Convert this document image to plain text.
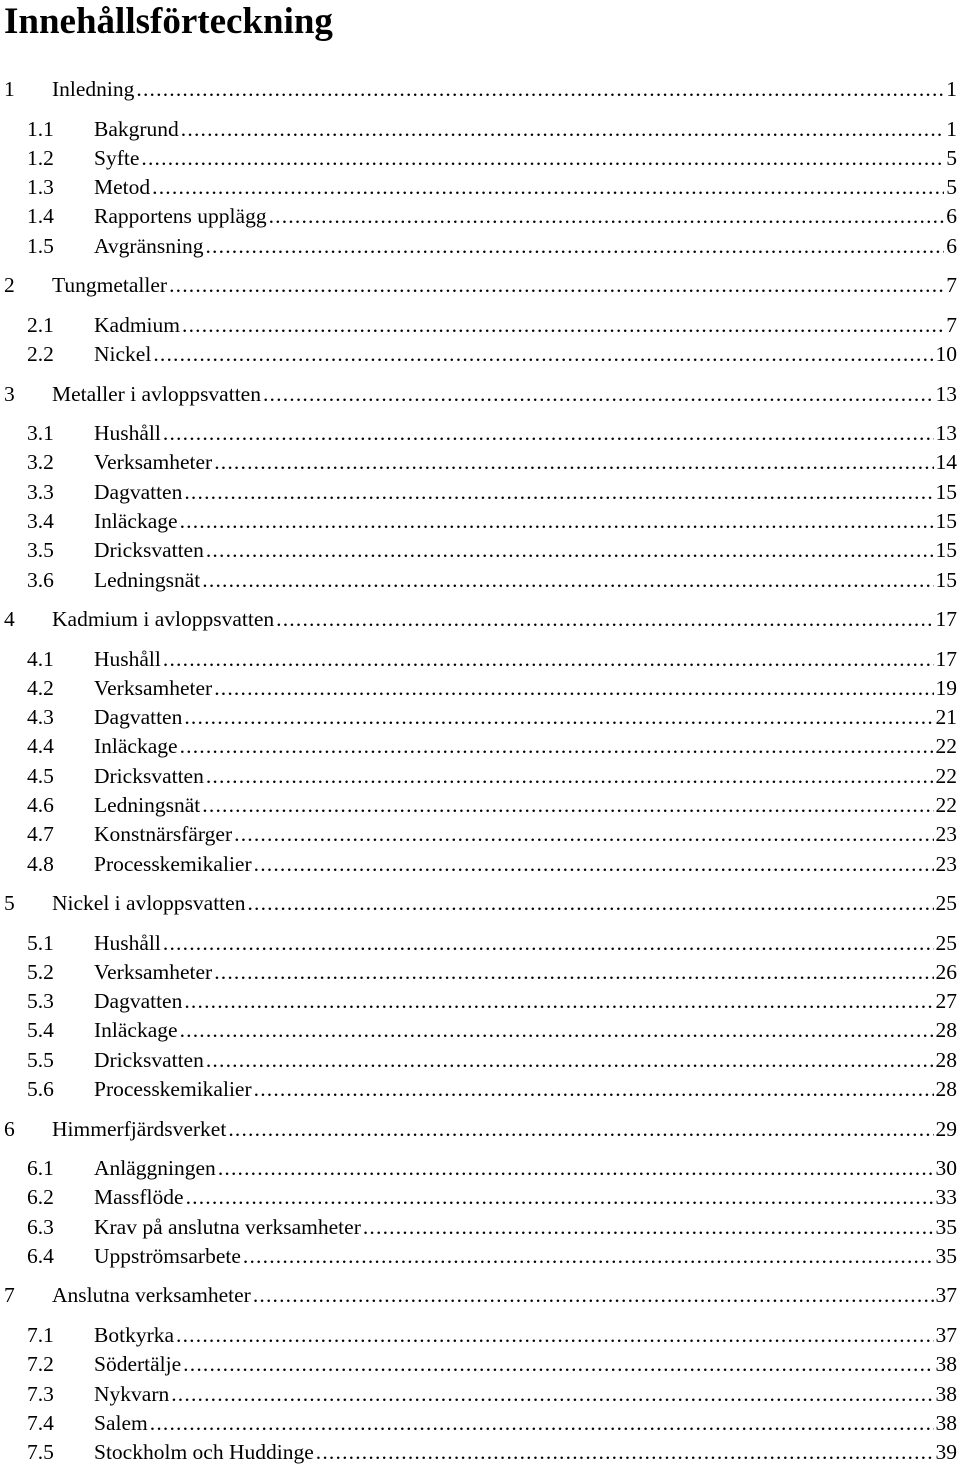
Innehållsförteckning
1	Inledning .....	1
1.1	Bakgrund .....	1
1.2	Syfte .....	5
1.3	Metod .....	5
1.4	Rapportens upplägg .....	6
1.5	Avgränsning .....	6
2	Tungmetaller .....	7
2.1	Kadmium .....	7
2.2	Nickel .....	10
3	Metaller i avloppsvatten .....	13
3.1	Hushåll .....	13
3.2	Verksamheter .....	14
3.3	Dagvatten .....	15
3.4	Inläckage .....	15
3.5	Dricksvatten .....	15
3.6	Ledningsnät .....	15
4	Kadmium i avloppsvatten .....	17
4.1	Hushåll .....	17
4.2	Verksamheter .....	19
4.3	Dagvatten .....	21
4.4	Inläckage .....	22
4.5	Dricksvatten .....	22
4.6	Ledningsnät .....	22
4.7	Konstnärsfärger .....	23
4.8	Processkemikalier .....	23
5	Nickel i avloppsvatten .....	25
5.1	Hushåll .....	25
5.2	Verksamheter .....	26
5.3	Dagvatten .....	27
5.4	Inläckage .....	28
5.5	Dricksvatten .....	28
5.6	Processkemikalier .....	28
6	Himmerfjärdsverket .....	29
6.1	Anläggningen .....	30
6.2	Massflöde .....	33
6.3	Krav på anslutna verksamheter .....	35
6.4	Uppströmsarbete .....	35
7	Anslutna verksamheter .....	37
7.1	Botkyrka .....	37
7.2	Södertälje .....	38
7.3	Nykvarn .....	38
7.4	Salem .....	38
7.5	Stockholm och Huddinge .....	39
